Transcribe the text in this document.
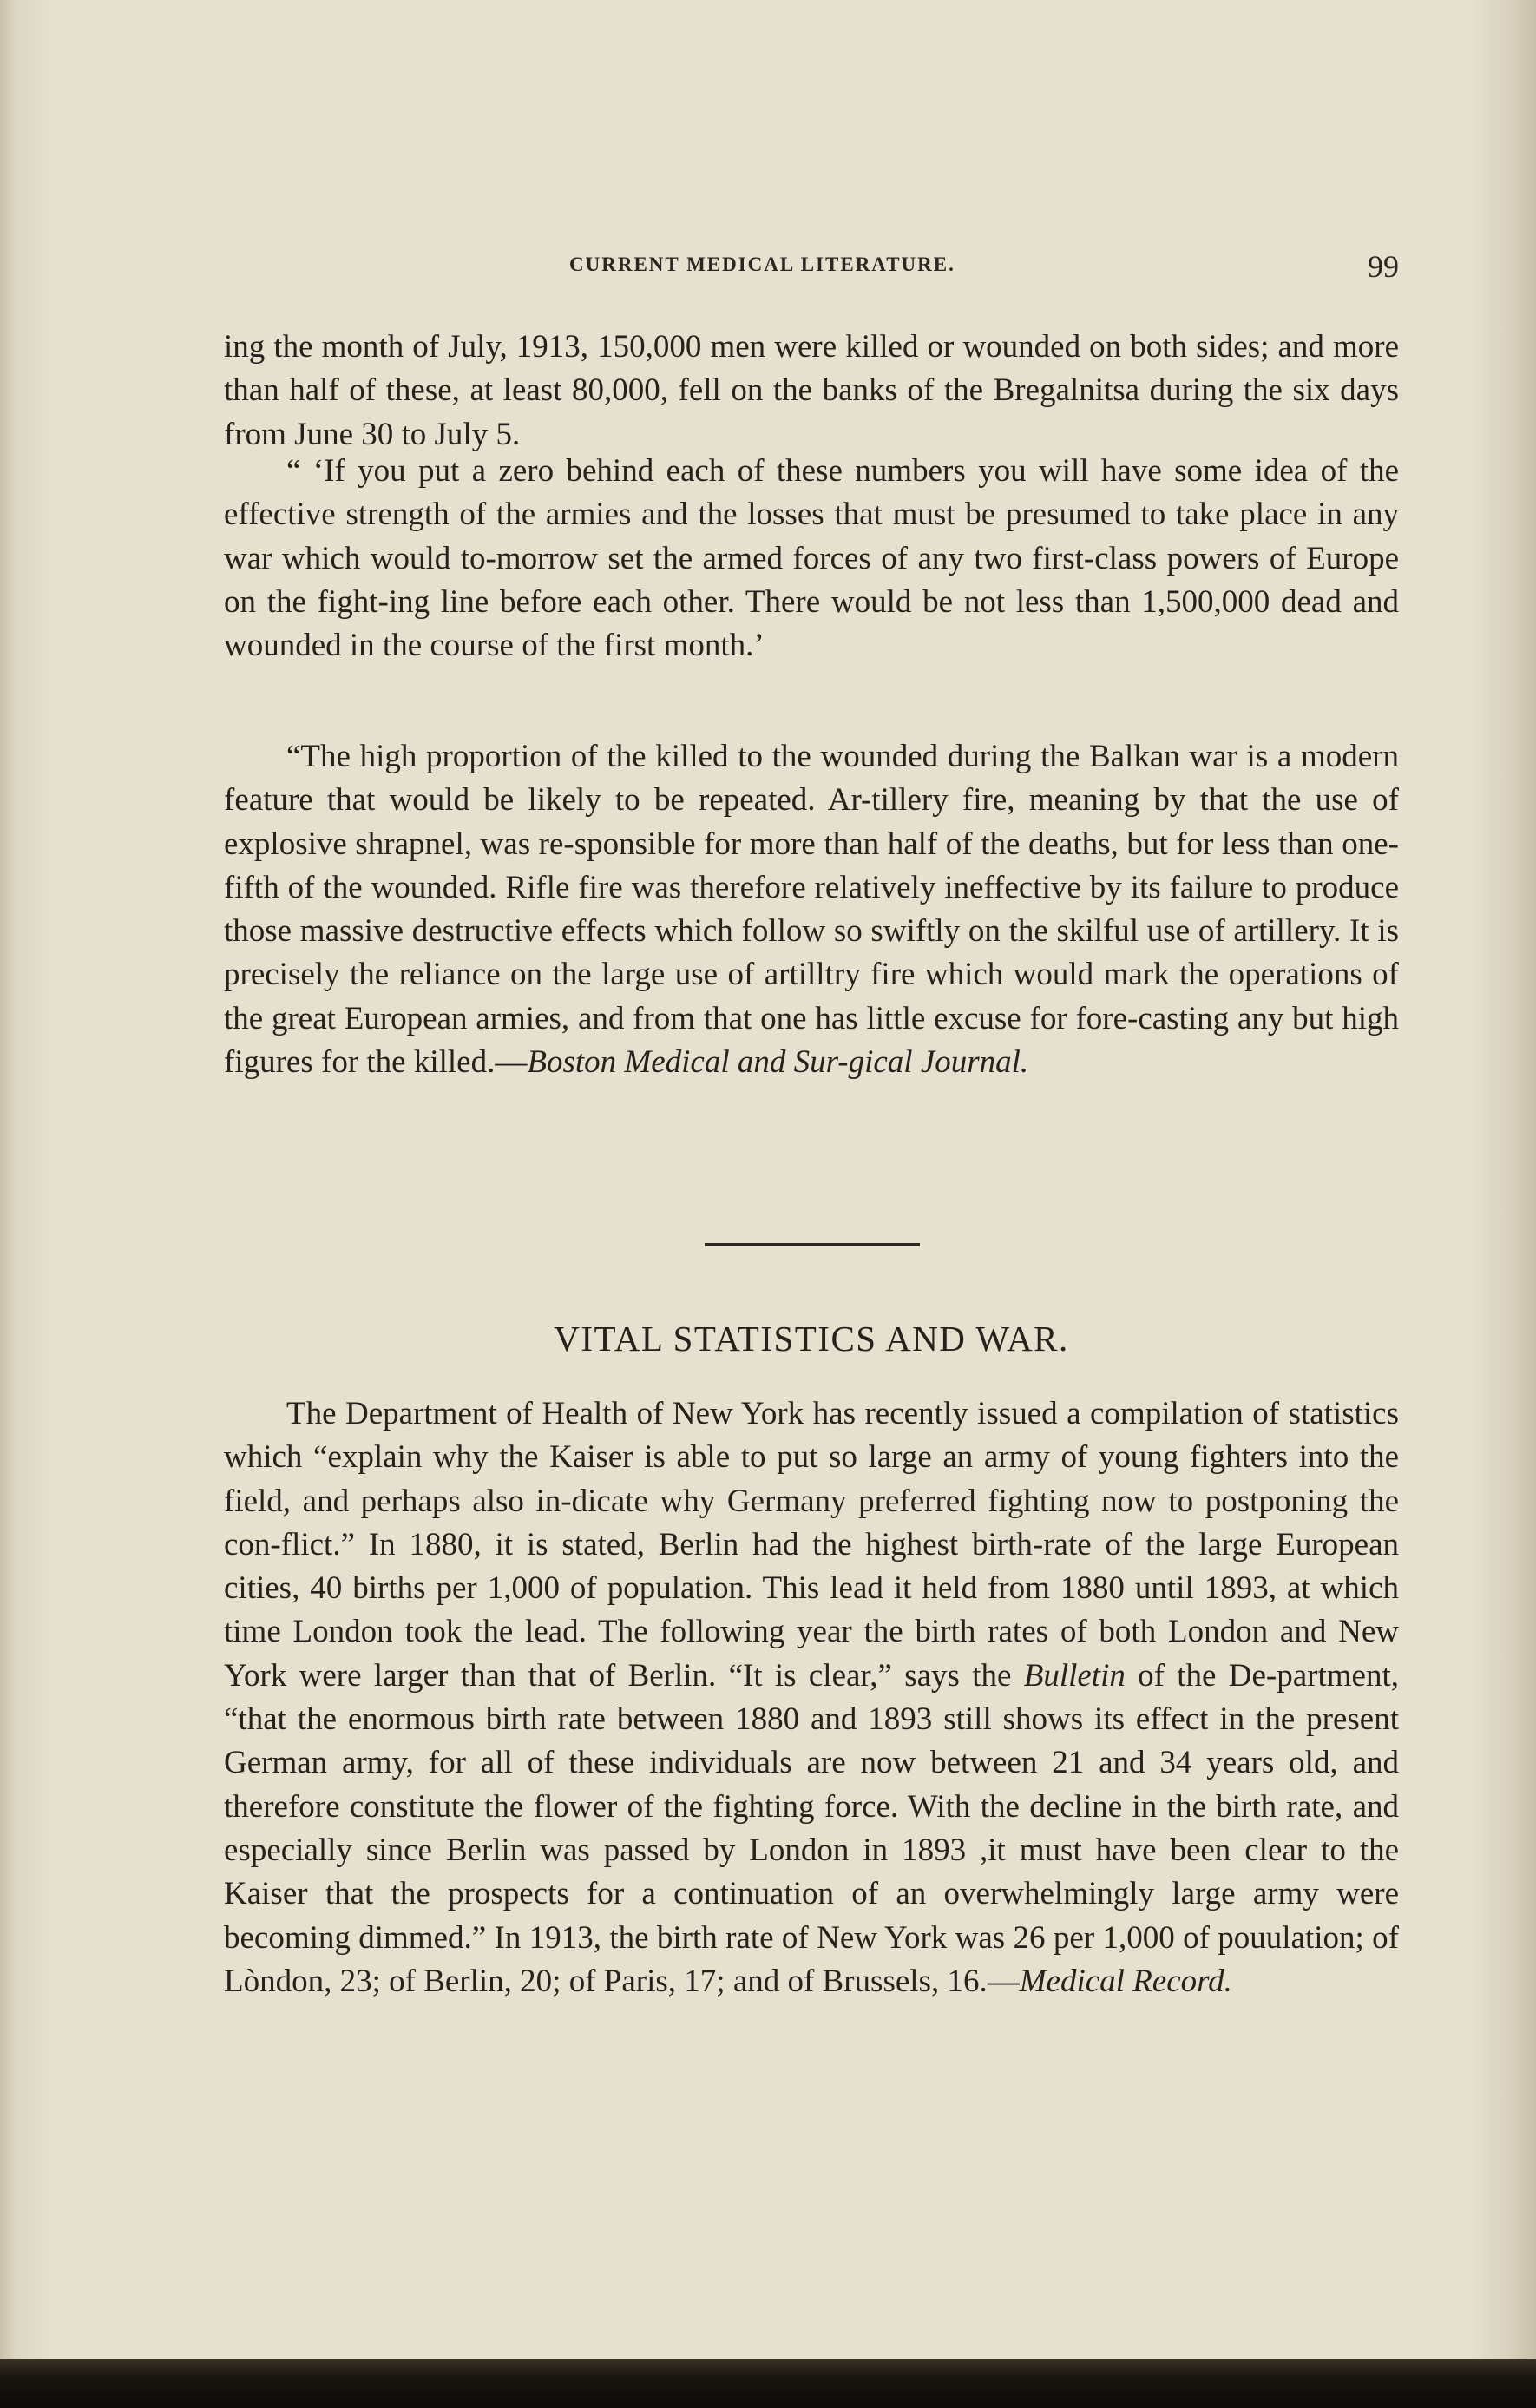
CURRENT MEDICAL LITERATURE.	99

ing the month of July, 1913, 150,000 men were killed or wounded on both sides; and more than half of these, at least 80,000, fell on the banks of the Bregalnitsa during the six days from June 30 to July 5.

“ ‘If you put a zero behind each of these numbers you will have some idea of the effective strength of the armies and the losses that must be presumed to take place in any war which would to-morrow set the armed forces of any two first-class powers of Europe on the fight-ing line before each other. There would be not less than 1,500,000 dead and wounded in the course of the first month.’

“The high proportion of the killed to the wounded during the Balkan war is a modern feature that would be likely to be repeated. Ar-tillery fire, meaning by that the use of explosive shrapnel, was re-sponsible for more than half of the deaths, but for less than one-fifth of the wounded. Rifle fire was therefore relatively ineffective by its failure to produce those massive destructive effects which follow so swiftly on the skilful use of artillery. It is precisely the reliance on the large use of artilltry fire which would mark the operations of the great European armies, and from that one has little excuse for fore-casting any but high figures for the killed.—Boston Medical and Sur-gical Journal.

VITAL STATISTICS AND WAR.

The Department of Health of New York has recently issued a compilation of statistics which “explain why the Kaiser is able to put so large an army of young fighters into the field, and perhaps also in-dicate why Germany preferred fighting now to postponing the con-flict.” In 1880, it is stated, Berlin had the highest birth-rate of the large European cities, 40 births per 1,000 of population. This lead it held from 1880 until 1893, at which time London took the lead. The following year the birth rates of both London and New York were larger than that of Berlin. “It is clear,” says the Bulletin of the De-partment, “that the enormous birth rate between 1880 and 1893 still shows its effect in the present German army, for all of these individuals are now between 21 and 34 years old, and therefore constitute the flower of the fighting force. With the decline in the birth rate, and especially since Berlin was passed by London in 1893 ,it must have been clear to the Kaiser that the prospects for a continuation of an overwhelmingly large army were becoming dimmed.” In 1913, the birth rate of New York was 26 per 1,000 of pouulation; of Lòndon, 23; of Berlin, 20; of Paris, 17; and of Brussels, 16.—Medical Record.
